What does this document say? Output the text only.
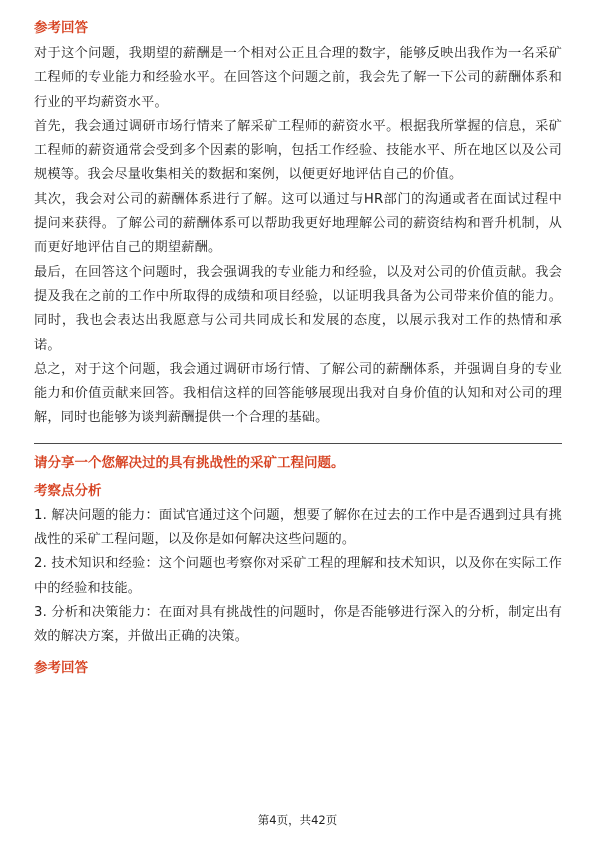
参考回答

对于这个问题，我期望的薪酬是一个相对公正且合理的数字，能够反映出我作为一名采矿工程师的专业能力和经验水平。在回答这个问题之前，我会先了解一下公司的薪酬体系和行业的平均薪资水平。

首先，我会通过调研市场行情来了解采矿工程师的薪资水平。根据我所掌握的信息，采矿工程师的薪资通常会受到多个因素的影响，包括工作经验、技能水平、所在地区以及公司规模等。我会尽量收集相关的数据和案例，以便更好地评估自己的价值。

其次，我会对公司的薪酬体系进行了解。这可以通过与HR部门的沟通或者在面试过程中提问来获得。了解公司的薪酬体系可以帮助我更好地理解公司的薪资结构和晋升机制，从而更好地评估自己的期望薪酬。

最后，在回答这个问题时，我会强调我的专业能力和经验，以及对公司的价值贡献。我会提及我在之前的工作中所取得的成绩和项目经验，以证明我具备为公司带来价值的能力。同时，我也会表达出我愿意与公司共同成长和发展的态度，以展示我对工作的热情和承诺。

总之，对于这个问题，我会通过调研市场行情、了解公司的薪酬体系，并强调自身的专业能力和价值贡献来回答。我相信这样的回答能够展现出我对自身价值的认知和对公司的理解，同时也能够为谈判薪酬提供一个合理的基础。

请分享一个您解决过的具有挑战性的采矿工程问题。
考察点分析

1. 解决问题的能力：面试官通过这个问题，想要了解你在过去的工作中是否遇到过具有挑战性的采矿工程问题，以及你是如何解决这些问题的。

2. 技术知识和经验：这个问题也考察你对采矿工程的理解和技术知识，以及你在实际工作中的经验和技能。

3. 分析和决策能力：在面对具有挑战性的问题时，你是否能够进行深入的分析，制定出有效的解决方案，并做出正确的决策。

参考回答
第4页，共42页
